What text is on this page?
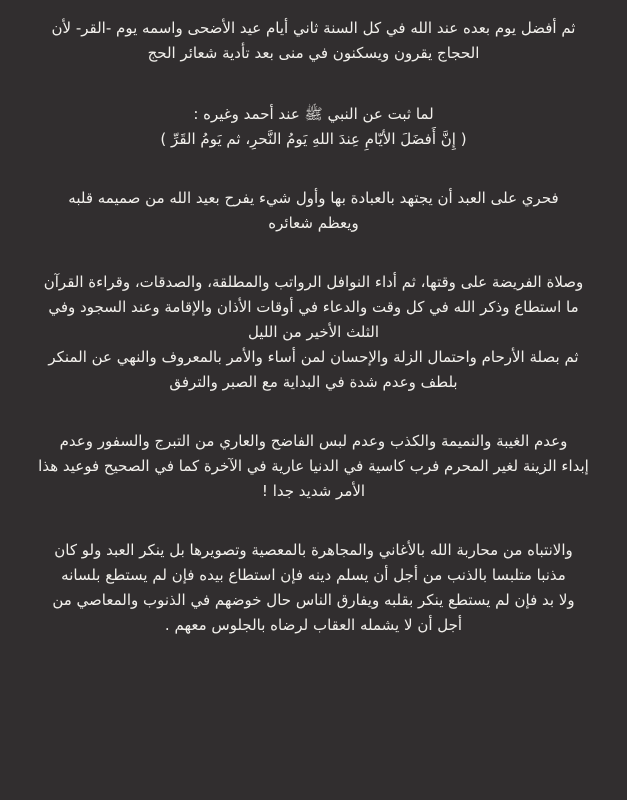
ثم أفضل يوم بعده عند الله في كل السنة ثاني أيام عيد الأضحى واسمه يوم -القر- لأن
الحجاج يقرون ويسكنون في منى بعد تأدية شعائر الحج

لما ثبت عن النبي ﷺ عند أحمد وغيره :
( إِنَّ أَفضَلَ الأيّامِ عِندَ اللهِ يَومُ النَّحرِ، ثم يَومُ القَرِّ )

فحري على العبد أن يجتهد بالعبادة بها وأول شيء يفرح بعيد الله من صميمه قلبه
ويعظم شعائره

وصلاة الفريضة على وقتها، ثم أداء النوافل الرواتب والمطلقة، والصدقات، وقراءة القرآن
ما استطاع وذكر الله في كل وقت والدعاء في أوقات الأذان والإقامة وعند السجود وفي
الثلث الأخير من الليل
ثم بصلة الأرحام واحتمال الزلة والإحسان لمن أساء والأمر بالمعروف والنهي عن المنكر
بلطف وعدم شدة في البداية مع الصبر والترفق

وعدم الغيبة والنميمة والكذب وعدم لبس الفاضح والعاري من التبرج والسفور وعدم
إبداء الزينة لغير المحرم فرب كاسية في الدنيا عارية في الآخرة كما في الصحيح فوعيد هذا
الأمر شديد جدا !

والانتباه من محاربة الله بالأغاني والمجاهرة بالمعصية وتصويرها بل ينكر العبد ولو كان
مذنبا متلبسا بالذنب من أجل أن يسلم دينه فإن استطاع بيده فإن لم يستطع بلسانه
ولا بد فإن لم يستطع ينكر بقلبه ويفارق الناس حال خوضهم في الذنوب والمعاصي من
أجل أن لا يشمله العقاب لرضاه بالجلوس معهم .
